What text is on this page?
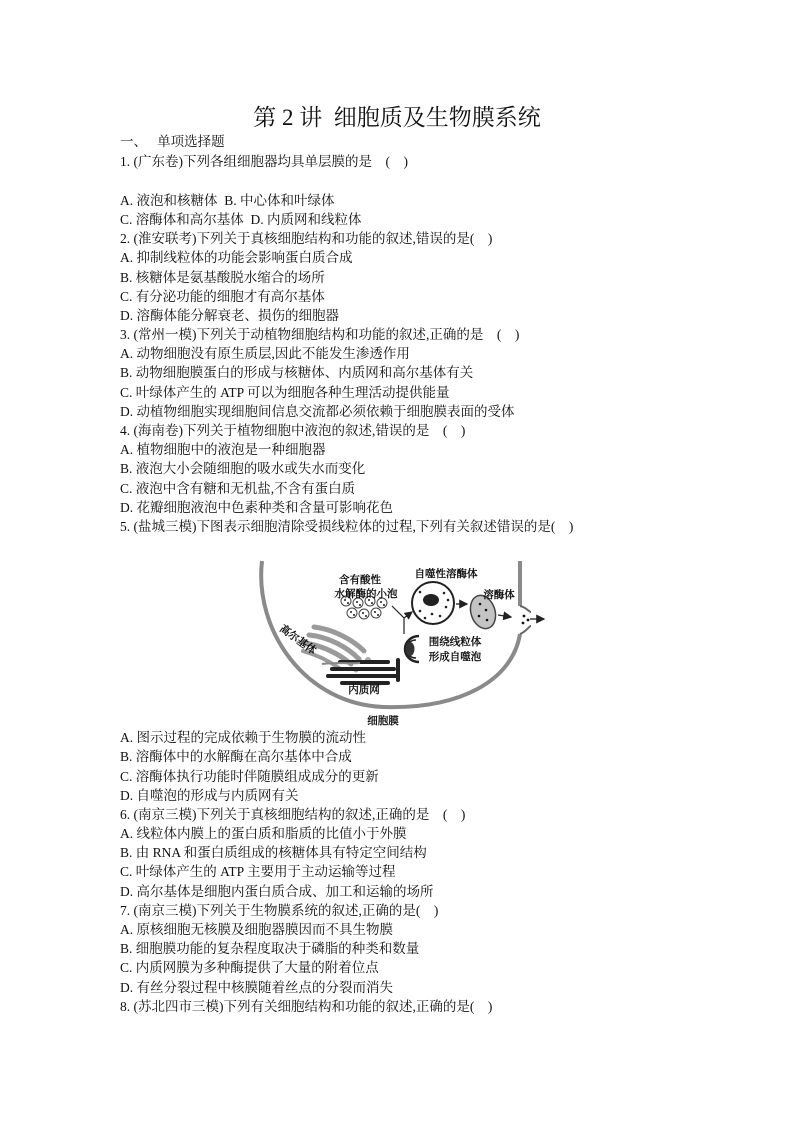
第 2 讲  细胞质及生物膜系统
一、   单项选择题
1. (广东卷)下列各组细胞器均具单层膜的是    (    )
A. 液泡和核糖体  B. 中心体和叶绿体
C. 溶酶体和高尔基体  D. 内质网和线粒体
2. (淮安联考)下列关于真核细胞结构和功能的叙述,错误的是(    )
A. 抑制线粒体的功能会影响蛋白质合成
B. 核糖体是氨基酸脱水缩合的场所
C. 有分泌功能的细胞才有高尔基体
D. 溶酶体能分解衰老、损伤的细胞器
3. (常州一模)下列关于动植物细胞结构和功能的叙述,正确的是    (    )
A. 动物细胞没有原生质层,因此不能发生渗透作用
B. 动物细胞膜蛋白的形成与核糖体、内质网和高尔基体有关
C. 叶绿体产生的 ATP 可以为细胞各种生理活动提供能量
D. 动植物细胞实现细胞间信息交流都必须依赖于细胞膜表面的受体
4. (海南卷)下列关于植物细胞中液泡的叙述,错误的是    (    )
A. 植物细胞中的液泡是一种细胞器
B. 液泡大小会随细胞的吸水或失水而变化
C. 液泡中含有糖和无机盐,不含有蛋白质
D. 花瓣细胞液泡中色素种类和含量可影响花色
5. (盐城三模)下图表示细胞清除受损线粒体的过程,下列有关叙述错误的是(    )
高尔基体
含有酸性
水解酶的小泡
自噬性溶酶体
溶酶体
围绕线粒体
形成自噬泡
内质网
细胞膜
A. 图示过程的完成依赖于生物膜的流动性
B. 溶酶体中的水解酶在高尔基体中合成
C. 溶酶体执行功能时伴随膜组成成分的更新
D. 自噬泡的形成与内质网有关
6. (南京三模)下列关于真核细胞结构的叙述,正确的是    (    )
A. 线粒体内膜上的蛋白质和脂质的比值小于外膜
B. 由 RNA 和蛋白质组成的核糖体具有特定空间结构
C. 叶绿体产生的 ATP 主要用于主动运输等过程
D. 高尔基体是细胞内蛋白质合成、加工和运输的场所
7. (南京三模)下列关于生物膜系统的叙述,正确的是(    )
A. 原核细胞无核膜及细胞器膜因而不具生物膜
B. 细胞膜功能的复杂程度取决于磷脂的种类和数量
C. 内质网膜为多种酶提供了大量的附着位点
D. 有丝分裂过程中核膜随着丝点的分裂而消失
8. (苏北四市三模)下列有关细胞结构和功能的叙述,正确的是(    )
